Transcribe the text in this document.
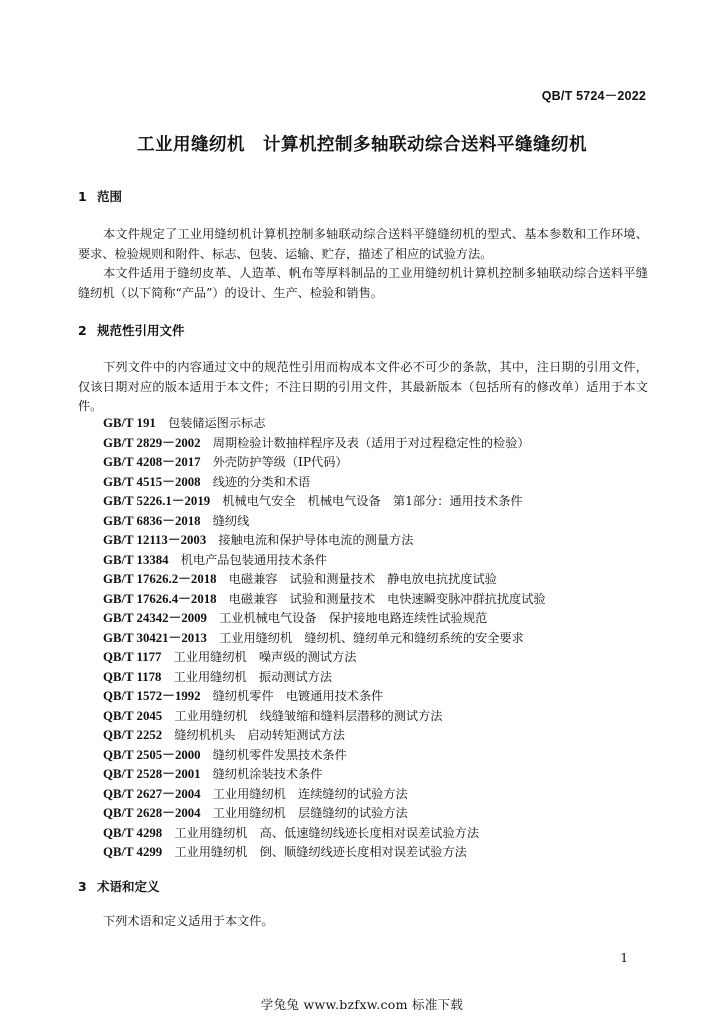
QB/T 5724－2022
工业用缝纫机　计算机控制多轴联动综合送料平缝缝纫机
1 范围

本文件规定了工业用缝纫机计算机控制多轴联动综合送料平缝缝纫机的型式、基本参数和工作环境、要求、检验规则和附件、标志、包装、运输、贮存，描述了相应的试验方法。

本文件适用于缝纫皮革、人造革、帆布等厚料制品的工业用缝纫机计算机控制多轴联动综合送料平缝缝纫机（以下简称“产品”）的设计、生产、检验和销售。

2 规范性引用文件

下列文件中的内容通过文中的规范性引用而构成本文件必不可少的条款，其中，注日期的引用文件，仅该日期对应的版本适用于本文件；不注日期的引用文件，其最新版本（包括所有的修改单）适用于本文件。

GB/T 191　 包装储运图示标志
GB/T 2829－2002　 周期检验计数抽样程序及表（适用于对过程稳定性的检验）
GB/T 4208－2017　 外壳防护等级（IP代码）
GB/T 4515－2008　 线迹的分类和术语
GB/T 5226.1－2019　 机械电气安全　机械电气设备　第1部分：通用技术条件
GB/T 6836－2018　 缝纫线
GB/T 12113－2003　 接触电流和保护导体电流的测量方法
GB/T 13384　 机电产品包装通用技术条件
GB/T 17626.2－2018　 电磁兼容　试验和测量技术　静电放电抗扰度试验
GB/T 17626.4－2018　 电磁兼容　试验和测量技术　电快速瞬变脉冲群抗扰度试验
GB/T 24342－2009　 工业机械电气设备　保护接地电路连续性试验规范
GB/T 30421－2013　 工业用缝纫机　缝纫机、缝纫单元和缝纫系统的安全要求
QB/T 1177　 工业用缝纫机　噪声级的测试方法
QB/T 1178　 工业用缝纫机　振动测试方法
QB/T 1572－1992　 缝纫机零件　电镀通用技术条件
QB/T 2045　 工业用缝纫机　线缝皱缩和缝料层潜移的测试方法
QB/T 2252　 缝纫机机头　启动转矩测试方法
QB/T 2505－2000　 缝纫机零件发黑技术条件
QB/T 2528－2001　 缝纫机涂装技术条件
QB/T 2627－2004　 工业用缝纫机　连续缝纫的试验方法
QB/T 2628－2004　 工业用缝纫机　层缝缝纫的试验方法
QB/T 4298　 工业用缝纫机　高、低速缝纫线迹长度相对误差试验方法
QB/T 4299　 工业用缝纫机　倒、顺缝纫线迹长度相对误差试验方法
3 术语和定义

下列术语和定义适用于本文件。

1
学兔兔 www.bzfxw.com 标准下载
